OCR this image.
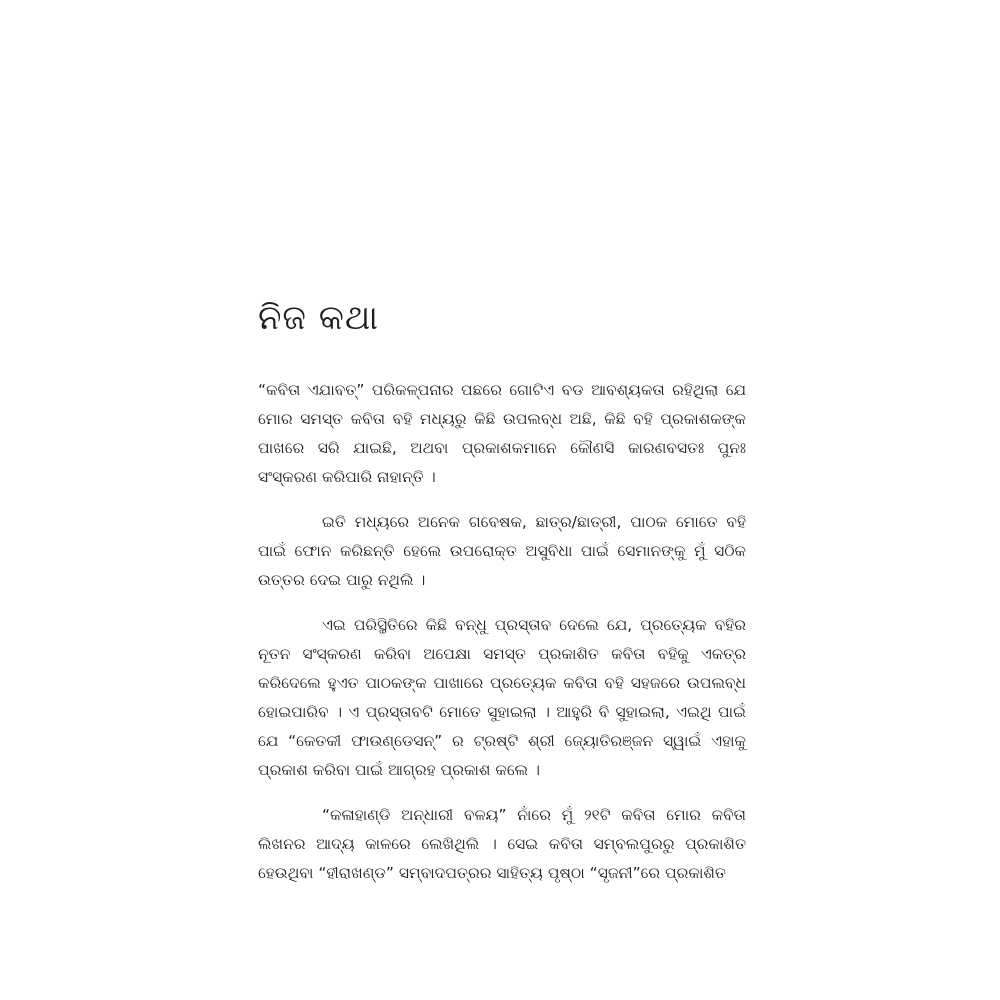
ନିଜ କଥା

“କବିତା ଏଯାବତ୍” ପରିକଳ୍ପନାର ପଛରେ ଗୋଟିଏ ବଡ ଆବଶ୍ୟକତା ରହିଥିଲା ଯେ ମୋର ସମସ୍ତ କବିତା ବହି ମଧ୍ୟରୁ କିଛି ଉପଲବ୍ଧ ଅଛି, କିଛି ବହି ପ୍ରକାଶକଙ୍କ ପାଖରେ ସରି ଯାଇଛି, ଅଥବା ପ୍ରକାଶକମାନେ କୌଣସି କାରଣବସତଃ ପୁନଃ ସଂସ୍କରଣ କରିପାରି ନାହାନ୍ତି ।

ଇତି ମଧ୍ୟରେ ଅନେକ ଗବେଷକ, ଛାତ୍ର/ଛାତ୍ରୀ, ପାଠକ ମୋତେ ବହି ପାଇଁ ଫୋନ କରିଛନ୍ତି ହେଲେ ଉପରୋକ୍ତ ଅସୁବିଧା ପାଇଁ ସେମାନଙ୍କୁ ମୁଁ ସଠିକ ଉତ୍ତର ଦେଇ ପାରୁ ନଥିଲି ।

ଏଇ ପରିସ୍ଥିତିରେ କିଛି ବନ୍ଧୁ ପ୍ରସ୍ତାବ ଦେଲେ ଯେ, ପ୍ରତ୍ୟେକ ବହିର ନୂତନ ସଂସ୍କରଣ କରିବା ଅପେକ୍ଷା ସମସ୍ତ ପ୍ରକାଶିତ କବିତା ବହିକୁ ଏକତ୍ର କରିଦେଲେ ହୁଏତ ପାଠକଙ୍କ ପାଖାରେ ପ୍ରତ୍ୟେକ କବିତା ବହି ସହଜରେ ଉପଲବ୍ଧ ହୋଇପାରିବ । ଏ ପ୍ରସ୍ତାବଟି ମୋତେ ସୁହାଇଲା । ଆହୁରି ବି ସୁହାଇଲା, ଏଇଥି ପାଇଁ ଯେ “କେତକୀ ଫାଉଣ୍ଡେସନ୍” ର ଟ୍ରଷ୍ଟି ଶ୍ରୀ ଜ୍ୟୋତିରଞ୍ଜନ ସ୍ୱାଇଁ ଏହାକୁ ପ୍ରକାଶ କରିବା ପାଇଁ ଆଗ୍ରହ ପ୍ରକାଶ କଲେ ।

“କଳାହାଣ୍ଡି ଅନ୍ଧାରୀ ବଳୟ” ନାଁରେ ମୁଁ ୨୧ଟି କବିତା ମୋର କବିତା ଲିଖନର ଆଦ୍ୟ କାଳରେ ଲେଖିଥିଲି । ସେଇ କବିତା ସମ୍ବଲପୁରରୁ ପ୍ରକାଶିତ ହେଉଥିବା “ହୀରାଖଣ୍ଡ” ସମ୍ବାଦପତ୍ରର ସାହିତ୍ୟ ପୃଷ୍ଠା “ସୃଜନୀ”ରେ ପ୍ରକାଶିତ
